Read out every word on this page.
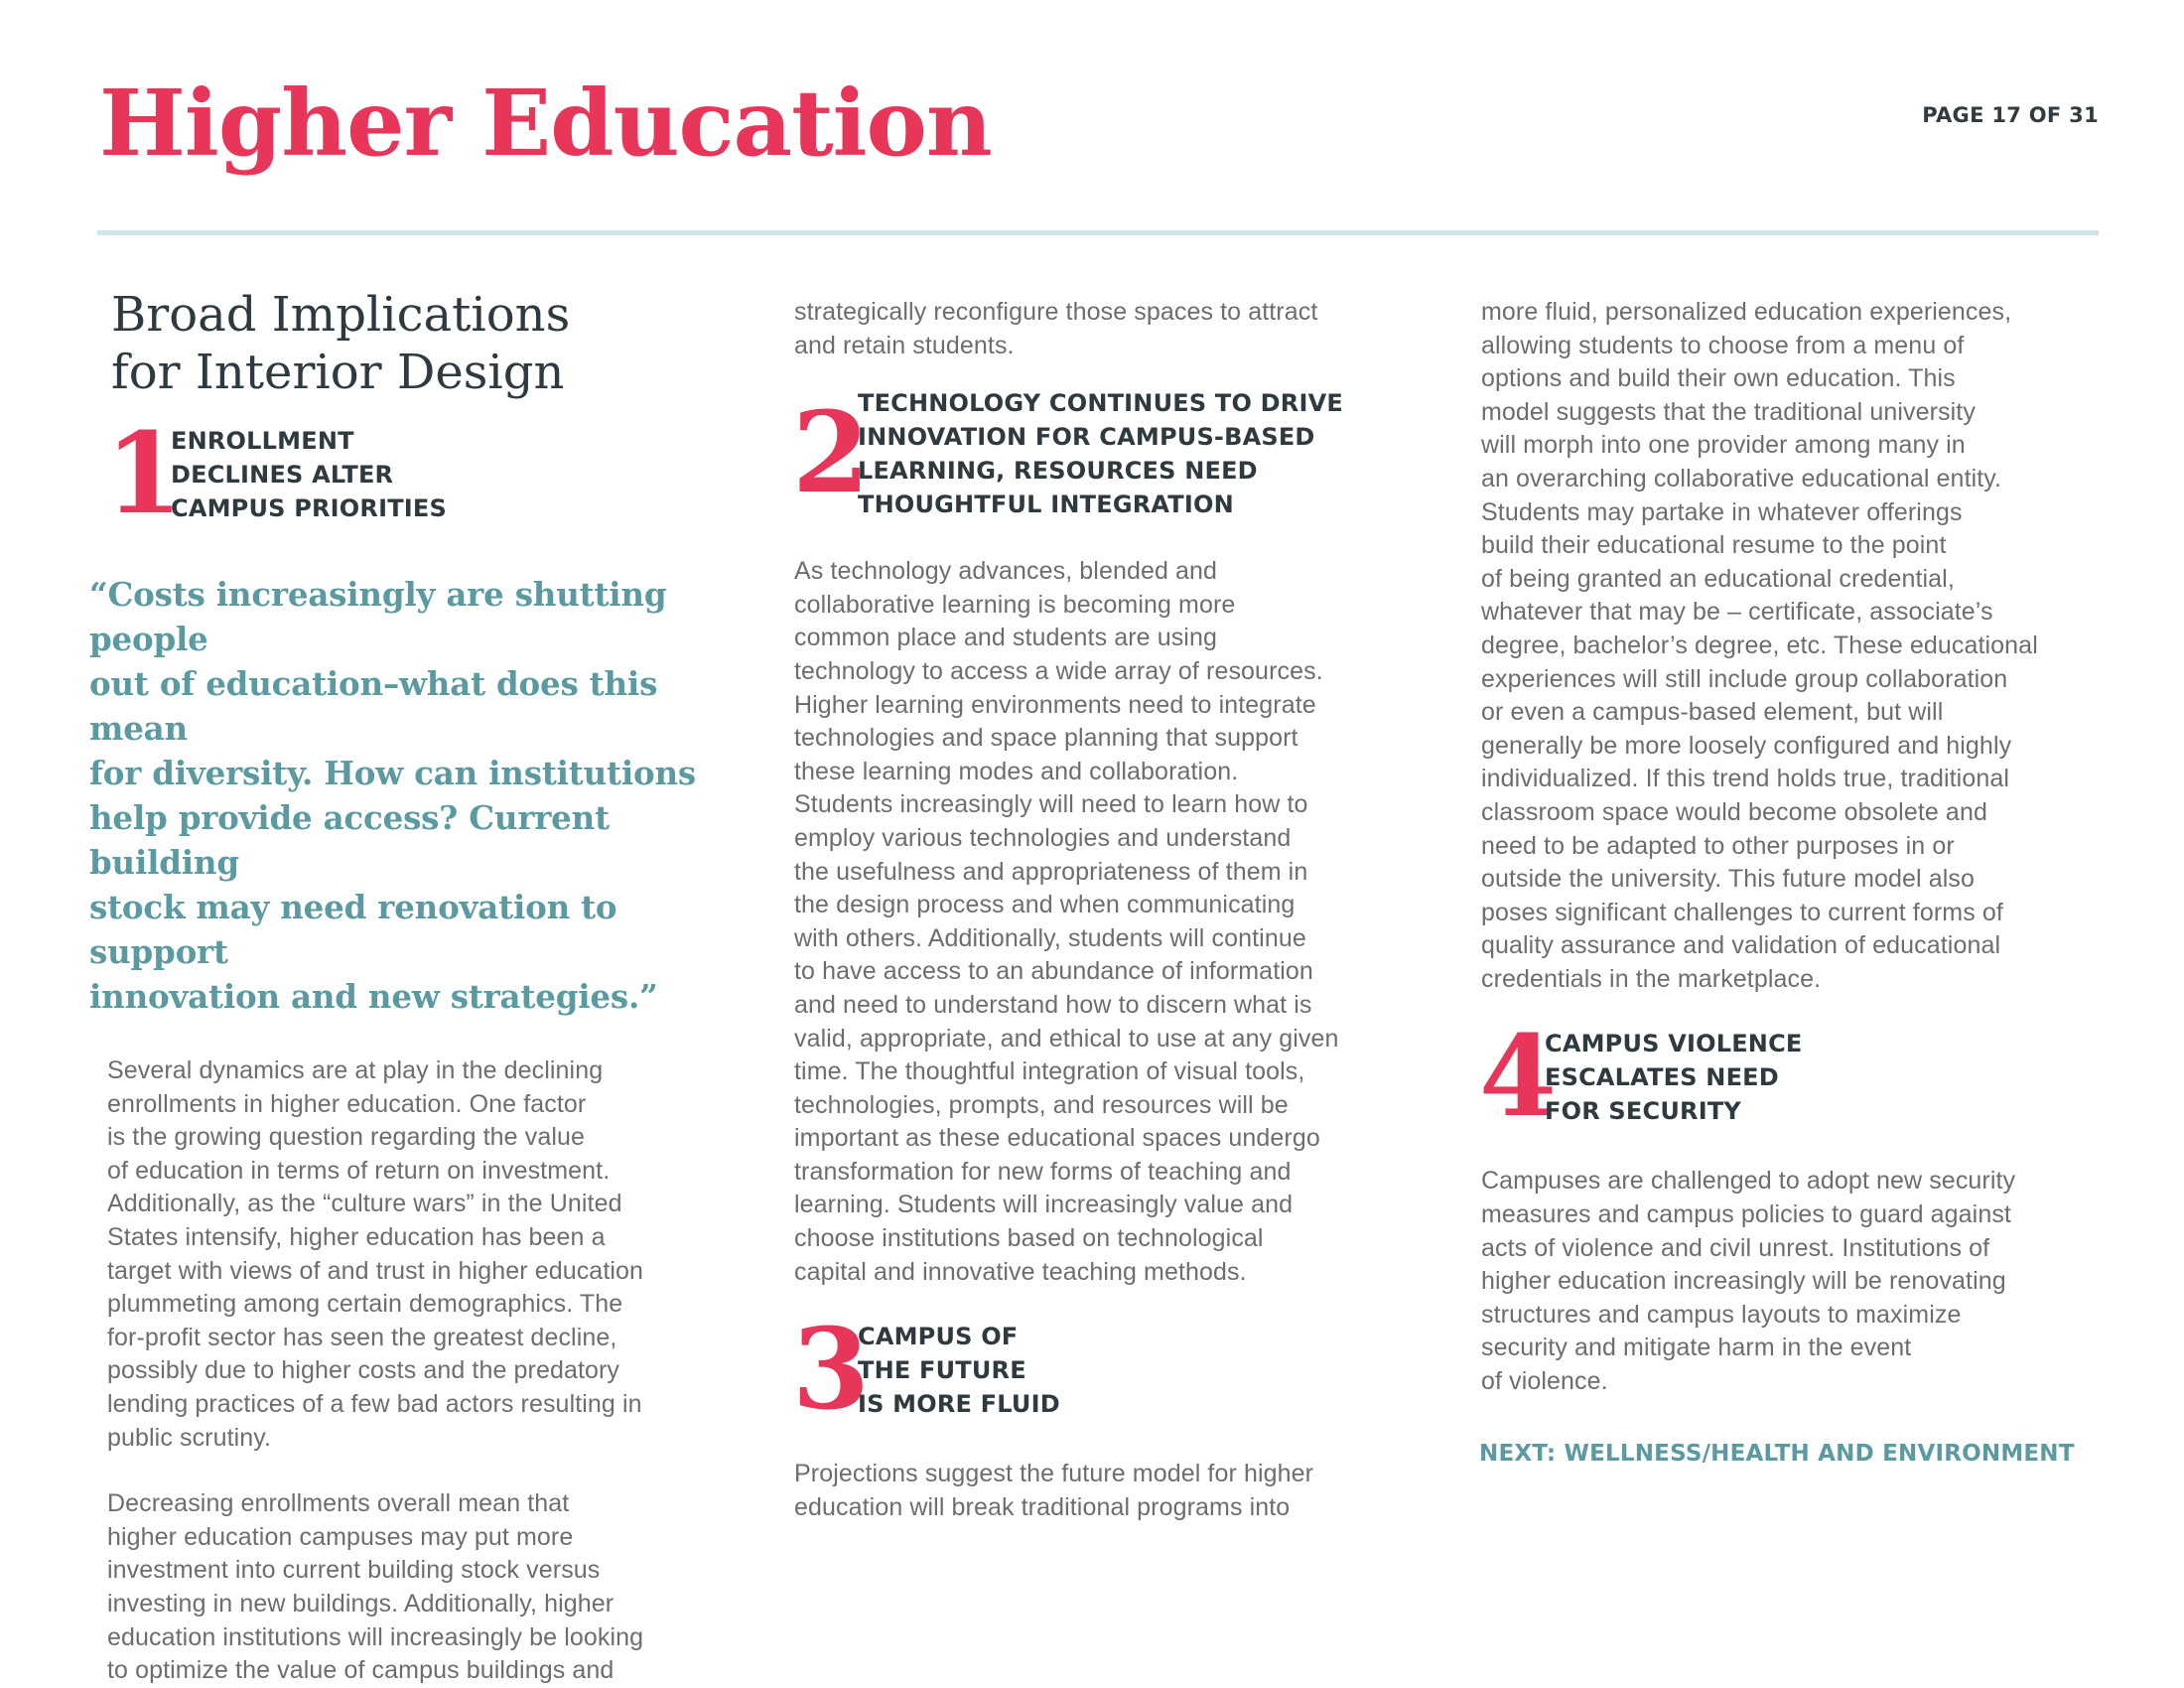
Higher Education	PAGE 17 OF 31
Broad Implications
for Interior Design
1
ENROLLMENT
DECLINES ALTER
CAMPUS PRIORITIES
“Costs increasingly are shutting people
out of education–what does this mean
for diversity. How can institutions
help provide access? Current building
stock may need renovation to support
innovation and new strategies.”

Several dynamics are at play in the declining
enrollments in higher education. One factor
is the growing question regarding the value
of education in terms of return on investment.
Additionally, as the “culture wars” in the United
States intensify, higher education has been a
target with views of and trust in higher education
plummeting among certain demographics. The
for-profit sector has seen the greatest decline,
possibly due to higher costs and the predatory
lending practices of a few bad actors resulting in
public scrutiny.

Decreasing enrollments overall mean that
higher education campuses may put more
investment into current building stock versus
investing in new buildings. Additionally, higher
education institutions will increasingly be looking
to optimize the value of campus buildings and

strategically reconfigure those spaces to attract
and retain students.

2
TECHNOLOGY CONTINUES TO DRIVE
INNOVATION FOR CAMPUS-BASED
LEARNING, RESOURCES NEED
THOUGHTFUL INTEGRATION

As technology advances, blended and
collaborative learning is becoming more
common place and students are using
technology to access a wide array of resources.
Higher learning environments need to integrate
technologies and space planning that support
these learning modes and collaboration.
Students increasingly will need to learn how to
employ various technologies and understand
the usefulness and appropriateness of them in
the design process and when communicating
with others. Additionally, students will continue
to have access to an abundance of information
and need to understand how to discern what is
valid, appropriate, and ethical to use at any given
time. The thoughtful integration of visual tools,
technologies, prompts, and resources will be
important as these educational spaces undergo
transformation for new forms of teaching and
learning. Students will increasingly value and
choose institutions based on technological
capital and innovative teaching methods.

3
CAMPUS OF
THE FUTURE
IS MORE FLUID

Projections suggest the future model for higher
education will break traditional programs into

more fluid, personalized education experiences,
allowing students to choose from a menu of
options and build their own education. This
model suggests that the traditional university
will morph into one provider among many in
an overarching collaborative educational entity.
Students may partake in whatever offerings
build their educational resume to the point
of being granted an educational credential,
whatever that may be – certificate, associate’s
degree, bachelor’s degree, etc. These educational
experiences will still include group collaboration
or even a campus-based element, but will
generally be more loosely configured and highly
individualized. If this trend holds true, traditional
classroom space would become obsolete and
need to be adapted to other purposes in or
outside the university. This future model also
poses significant challenges to current forms of
quality assurance and validation of educational
credentials in the marketplace.

4
CAMPUS VIOLENCE
ESCALATES NEED
FOR SECURITY

Campuses are challenged to adopt new security
measures and campus policies to guard against
acts of violence and civil unrest. Institutions of
higher education increasingly will be renovating
structures and campus layouts to maximize
security and mitigate harm in the event
of violence.

NEXT: WELLNESS/HEALTH AND ENVIRONMENT
